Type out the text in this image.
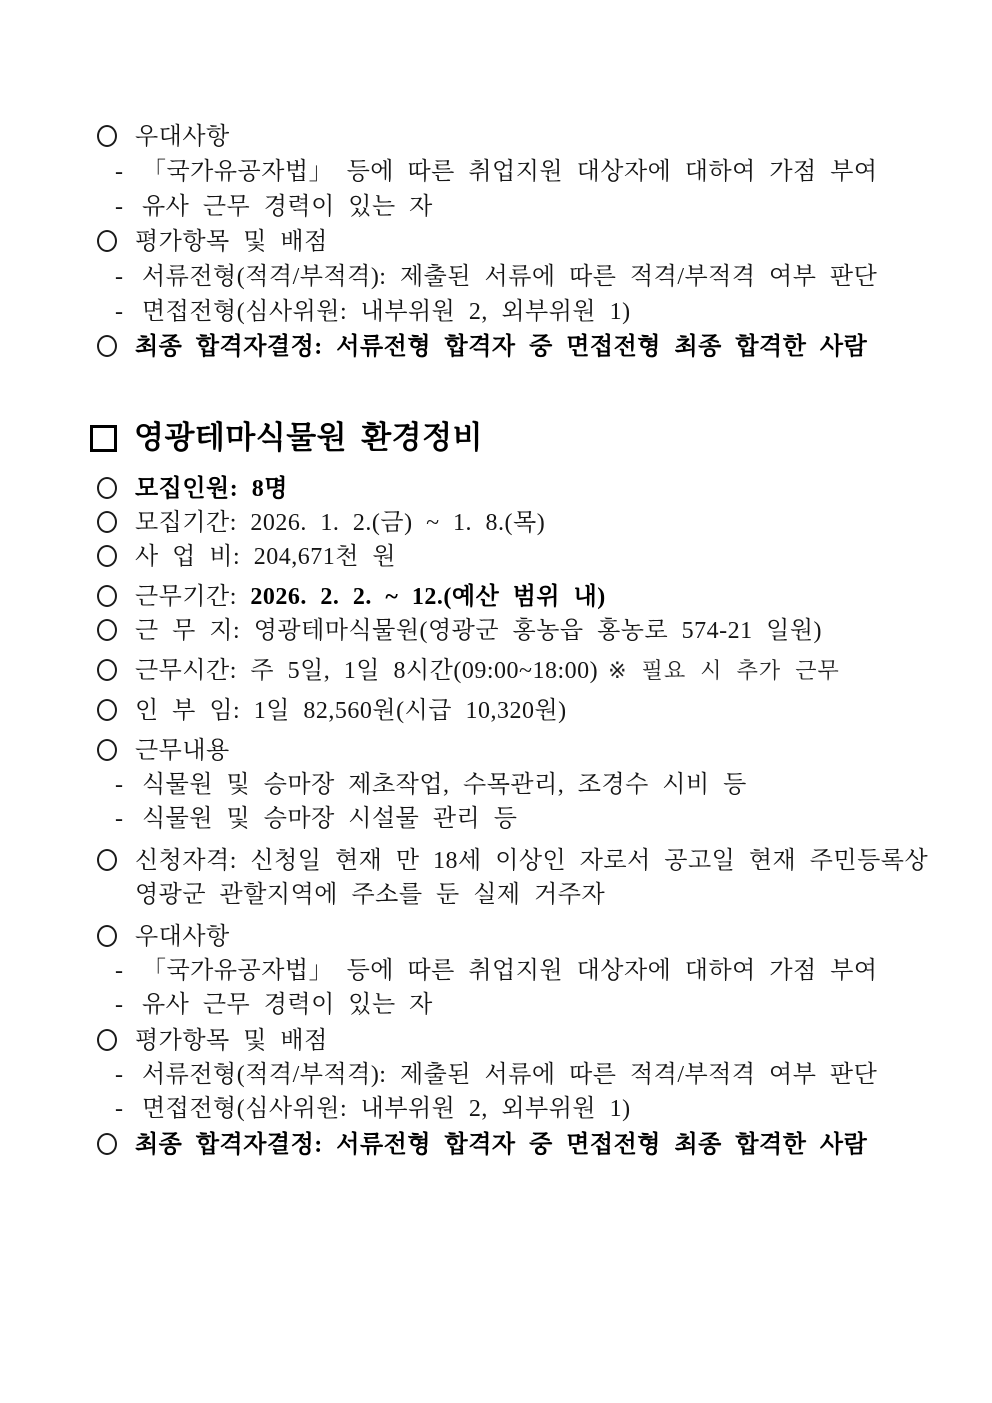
우대사항
- 「국가유공자법」 등에 따른 취업지원 대상자에 대하여 가점 부여
- 유사 근무 경력이 있는 자
평가항목 및 배점
- 서류전형(적격/부적격): 제출된 서류에 따른 적격/부적격 여부 판단
- 면접전형(심사위원: 내부위원 2, 외부위원 1)
최종 합격자결정: 서류전형 합격자 중 면접전형 최종 합격한 사람
영광테마식물원 환경정비
모집인원: 8명
모집기간: 2026. 1. 2.(금) ~ 1. 8.(목)
사 업 비: 204,671천 원
근무기간: 2026. 2. 2. ~ 12.(예산 범위 내)
근 무 지: 영광테마식물원(영광군 홍농읍 홍농로 574-21 일원)
근무시간: 주 5일, 1일 8시간(09:00~18:00) ※ 필요 시 추가 근무
인 부 임: 1일 82,560원(시급 10,320원)
근무내용
- 식물원 및 승마장 제초작업, 수목관리, 조경수 시비 등
- 식물원 및 승마장 시설물 관리 등
신청자격: 신청일 현재 만 18세 이상인 자로서 공고일 현재 주민등록상
영광군 관할지역에 주소를 둔 실제 거주자
우대사항
- 「국가유공자법」 등에 따른 취업지원 대상자에 대하여 가점 부여
- 유사 근무 경력이 있는 자
평가항목 및 배점
- 서류전형(적격/부적격): 제출된 서류에 따른 적격/부적격 여부 판단
- 면접전형(심사위원: 내부위원 2, 외부위원 1)
최종 합격자결정: 서류전형 합격자 중 면접전형 최종 합격한 사람
